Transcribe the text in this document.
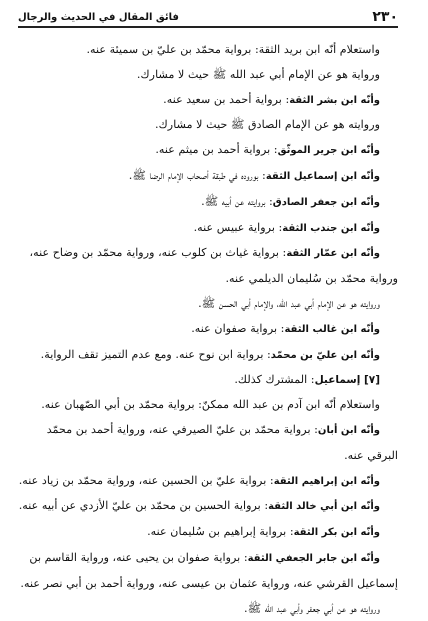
٢٣٠
فائق المقال في الحديث والرجال
واستعلام أنّه ابن بريد الثقة: برواية محمّد بن عليّ بن سميئة عنه.
ورواية هو عن الإمام أبي عبد الله ﷺ حيث لا مشارك.
وأنّه ابن بشر الثقة: برواية أحمد بن سعيد عنه.
وروايته هو عن الإمام الصادق ﷺ حيث لا مشارك.
وأنّه ابن جرير الموثّق: برواية أحمد بن ميثم عنه.
وأنّه ابن إسماعيل الثقة: بوروده في طبقة أصحاب الإمام الرضا ﷺ.
وأنّه ابن جعفر الصادق: بروايته عن أبيه ﷺ.
وأنّه ابن جندب الثقة: برواية عبيس عنه.
وأنّه ابن عمّار الثقة: برواية غياث بن كلوب عنه، ورواية محمّد بن وضاح عنه،
ورواية محمّد بن سُليمان الديلمي عنه.
وروايته هو عن الإمام أبي عبد الله، والإمام أبي الحسن ﷺ.
وأنّه ابن غالب الثقة: برواية صفوان عنه.
وأنّه ابن عليّ بن محمّد: برواية ابن نوح عنه. ومع عدم التميز تقف الرواية.
[٧] إسماعيل: المشترك كذلك.
واستعلام أنّه ابن آدم بن عبد الله ممكنّ: برواية محمّد بن أبي الصّهبان عنه.
وأنّه ابن أبان: برواية محمّد بن عليّ الصيرفي عنه، ورواية أحمد بن محمّد
البرقي عنه.
وأنّه ابن إبراهيم الثقة: برواية عليّ بن الحسين عنه، ورواية محمّد بن زياد عنه.
وأنّه ابن أبي خالد الثقة: برواية الحسين بن محمّد بن عليّ الأزدي عن أبيه عنه.
وأنّه ابن بكر الثقة: برواية إبراهيم بن سُليمان عنه.
وأنّه ابن جابر الجعفي الثقة: برواية صفوان بن يحيى عنه، ورواية القاسم بن
إسماعيل القرشي عنه، ورواية عثمان بن عيسى عنه، ورواية أحمد بن أبي نصر عنه.
وروايته هو عن أبي جعفر وأبي عبد الله ﷺ.
